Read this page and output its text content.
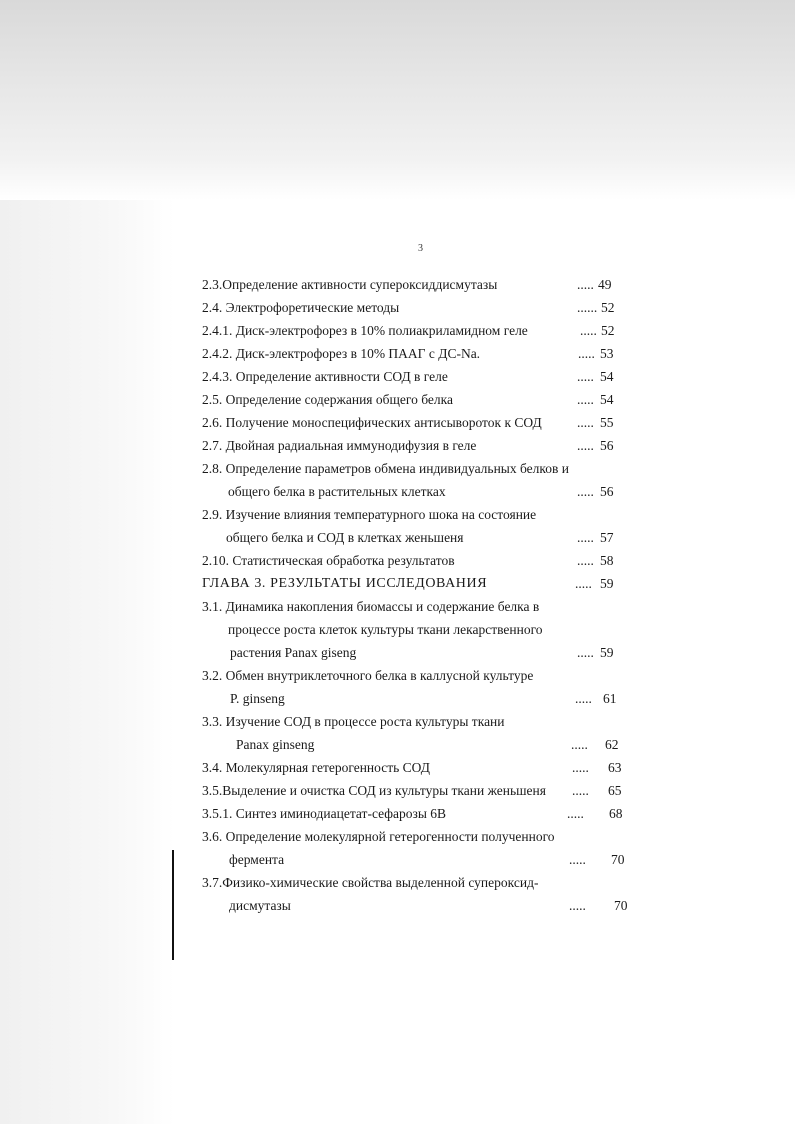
3
2.3.Определение активности супероксиддисмутазы	..... 49
2.4. Электрофоретические методы	...... 52
2.4.1. Диск-электрофорез в 10% полиакриламидном геле	..... 52
2.4.2. Диск-электрофорез в 10% ПААГ с ДС-Na.	..... 53
2.4.3. Определение активности СОД в геле	..... 54
2.5. Определение содержания общего белка	..... 54
2.6. Получение моноспецифических антисывороток к СОД	..... 55
2.7. Двойная радиальная иммунодифузия в геле	..... 56
2.8. Определение параметров обмена индивидуальных белков и
общего белка в растительных клетках	..... 56
2.9. Изучение влияния температурного шока на состояние
общего белка и СОД в клетках женьшеня	..... 57
2.10. Статистическая обработка результатов	..... 58
ГЛАВА 3. РЕЗУЛЬТАТЫ ИССЛЕДОВАНИЯ	..... 59
3.1. Динамика накопления биомассы и содержание белка в
процессе роста клеток культуры ткани лекарственного
растения Panax gisеng	..... 59
3.2. Обмен внутриклеточного белка в каллусной культуре
P. ginseng	..... 61
3.3. Изучение СОД в процессе роста культуры ткани
Panax ginseng	..... 62
3.4. Молекулярная гетерогенность СОД	..... 63
3.5.Выделение и очистка СОД из культуры ткани женьшеня ..... 65
3.5.1. Синтез иминодиацетат-сефарозы 6В	..... 68
3.6. Определение молекулярной гетерогенности полученного
фермента	..... 70
3.7.Физико-химические свойства выделенной супероксид-
дисмутазы	..... 70
